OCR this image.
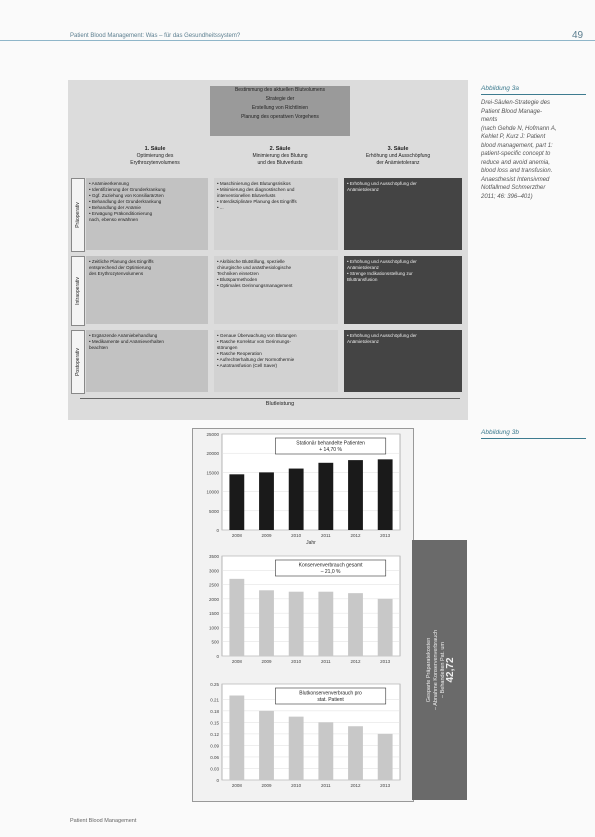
Patient Blood Management: Was – für das Gesundheitssystem?	49
Abbildung 3a
Drei-Säulen-Strategie des
Patient Blood Manage-
ments
(nach Gehde N, Hofmann A,
Kehlet P, Kurz J: Patient
blood management, part 1:
patient-specific concept to
reduce and avoid anemia,
blood loss and transfusion.
Anaesthesist Intensivmed
Notfallmed Schmerzther
2011; 46: 396–401)
Abbildung 3b
Bestimmung des aktuellen Blutvolumens
Strategie der
Erstellung von Richtlinien
Planung des operativen Vorgehens
1. Säule
Optimierung des
Erythrozytenvolumens
2. Säule
Minimierung des Blutung
und des Blutverlusts
3. Säule
Erhöhung und Ausschöpfung
der Anämietoleranz
Präoperativ
Intraoperativ
Postoperativ
• Anämieerkennung
• Identifizierung der Grunderkrankung
• Ggf. Zuziehung von Konsiliarärzten
• Behandlung der Grunderkrankung
• Behandlung der Anämie
• Erwägung Präkonditionierung
nach, ebenso erwähnen
• Maschinierung des Blutungsrisikos
• Minimierung des diagnostischen und
interventionellen Blutverlusts
• Interdisziplinäre Planung des Eingriffs
• ...
• Erhöhung und Ausschöpfung der
Anämietoleranz
• Zeitliche Planung des Eingriffs
entsprechend der Optimierung
des Erythrozytenvolumens
• Akribische Blutstillung, spezielle
chirurgische und anästhesiologische
Techniken einsetzen
• Blutsparmethoden
• Optimales Gerinnungsmanagement
• Erhöhung und Ausschöpfung der
Anämietoleranz
• Strenge Indikationsstellung zur
Bluttransfusion
• Ergänzende Anämiebehandlung
• Medikamente und Anämieverhalten
beachten
• Genaue Überwachung von Blutungen
• Rasche Korrektur von Gerinnungs-
störungen
• Rasche Reoperation
• Aufrechterhaltung der Normothermie
• Autotransfusion (Cell Saver)
• Erhöhung und Ausschöpfung der
Anämietoleranz
Blutleistung
0
5000
10000
15000
20000
25000
2008	2009	2010	2011	2012	2013
Jahr
Stationär behandelte Patienten
+ 14,70 %
0
500
1000
1500
2000
2500
3000
3500
2008	2009	2010	2011	2012	2013
Konservenverbrauch gesamt
– 21,0 %
0
0.03
0.06
0.09
0.12
0.15
0.18
0.21
0.25
2008	2009	2010	2011	2012	2013
Blutkonservenverbrauch pro
stat. Patient	Gesparte Präparatekosten
– Abnahme Konservenverbrauch
– Behandelten Pat. um 42,72
Patient Blood Management
